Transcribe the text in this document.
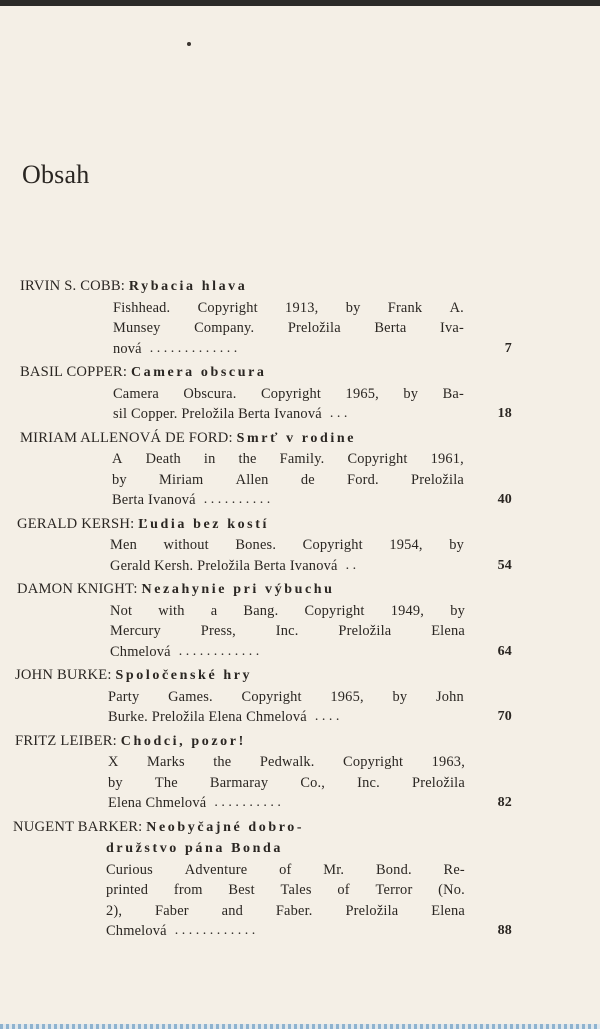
Obsah
IRVIN S. COBB: Rybacia hlava
Fishhead. Copyright 1913, by Frank A.
Munsey Company. Preložila Berta Iva-
nová . . . . . . . . . . . . .	7
BASIL COPPER: Camera obscura
Camera Obscura. Copyright 1965, by Ba-
sil Copper. Preložila Berta Ivanová . . .	18
MIRIAM ALLENOVÁ DE FORD: Smrť v rodine
A Death in the Family. Copyright 1961,
by Miriam Allen de Ford. Preložila
Berta Ivanová . . . . . . . . . .	40
GERALD KERSH: Ľudia bez kostí
Men without Bones. Copyright 1954, by
Gerald Kersh. Preložila Berta Ivanová . .	54
DAMON KNIGHT: Nezahynie pri výbuchu
Not with a Bang. Copyright 1949, by
Mercury	Press,	Inc.	Preložila	Elena
Chmelová . . . . . . . . . . . .	64
JOHN BURKE: Spoločenské hry
Party Games. Copyright 1965, by John
Burke. Preložila Elena Chmelová . . . .	70
FRITZ LEIBER: Chodci, pozor!
X Marks the Pedwalk. Copyright 1963,
by The Barmaray Co., Inc. Preložila
Elena Chmelová . . . . . . . . . .	82
NUGENT BARKER: Neobyčajné dobro-
družstvo pána Bonda
Curious Adventure of Mr. Bond. Re-
printed from Best Tales of Terror (No.
2), Faber and Faber. Preložila Elena
Chmelová . . . . . . . . . . . .	88
